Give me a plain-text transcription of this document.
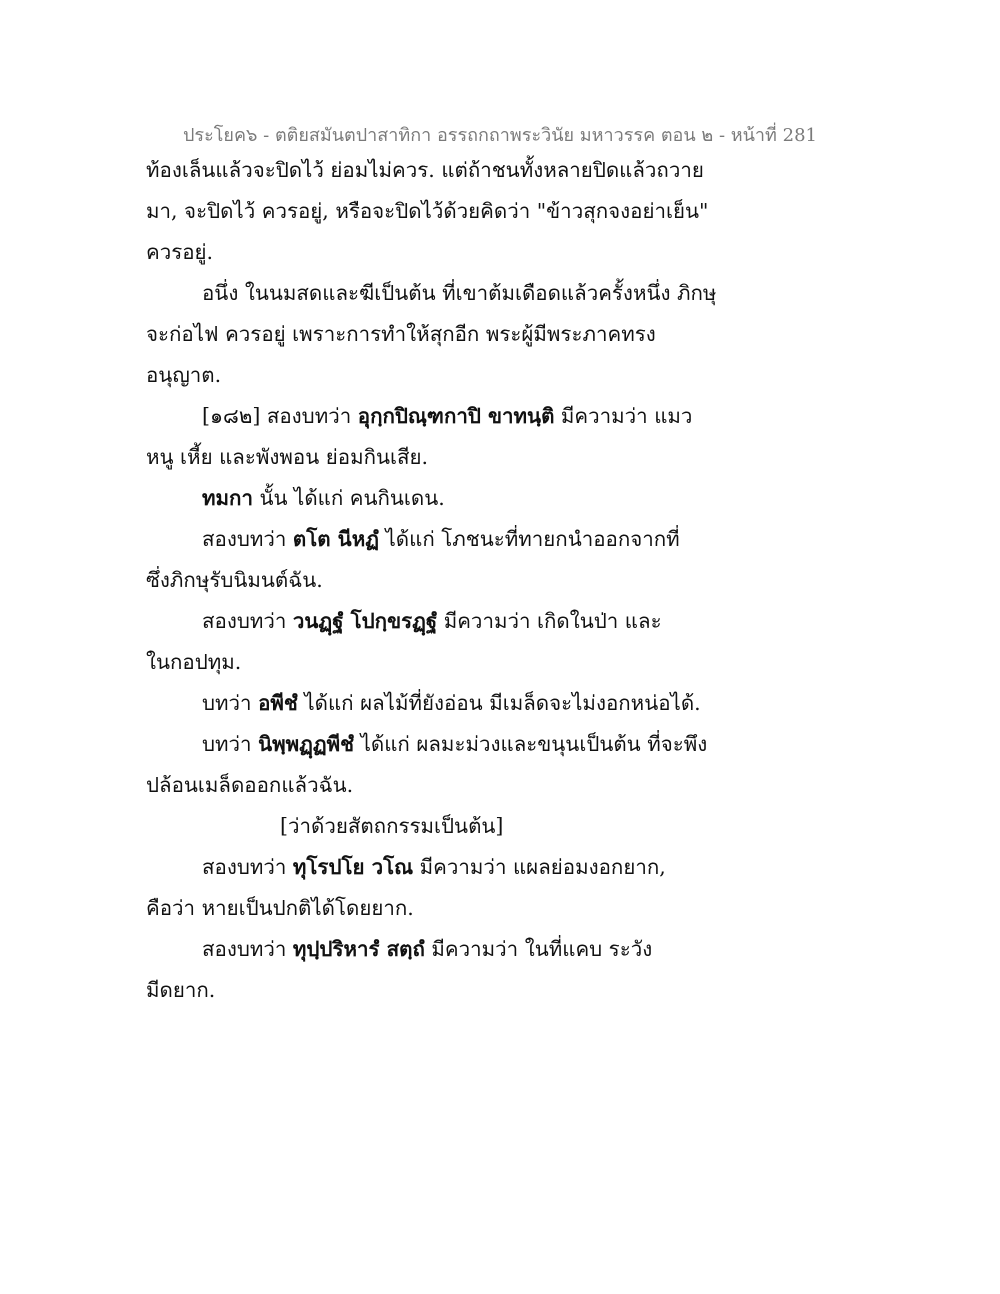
ประโยค๖ - ตติยสมันตปาสาทิกา อรรถกถาพระวินัย มหาวรรค ตอน ๒ - หน้าที่ 281
ท้องเล็นแล้วจะปิดไว้ ย่อมไม่ควร. แต่ถ้าชนทั้งหลายปิดแล้วถวาย
มา, จะปิดไว้ ควรอยู่, หรือจะปิดไว้ด้วยคิดว่า "ข้าวสุกจงอย่าเย็น"
ควรอยู่.
อนึ่ง ในนมสดและฆีเป็นต้น ที่เขาต้มเดือดแล้วครั้งหนึ่ง ภิกษุ
จะก่อไฟ ควรอยู่ เพราะการทำให้สุกอีก พระผู้มีพระภาคทรง
อนุญาต.
[๑๘๒] สองบทว่า อุกฺกปิณฺฑกาปิ ขาทนฺติ มีความว่า แมว
หนู เหี้ย และพังพอน ย่อมกินเสีย.
ทมกา นั้น ได้แก่ คนกินเดน.
สองบทว่า ตโต นีหฏํ ได้แก่ โภชนะที่ทายกนำออกจากที่
ซึ่งภิกษุรับนิมนต์ฉัน.
สองบทว่า วนฏฺฐํ โปกฺขรฏฺฐํ มีความว่า เกิดในป่า และ
ในกอปทุม.
บทว่า อพีชํ ได้แก่ ผลไม้ที่ยังอ่อน มีเมล็ดจะไม่งอกหน่อได้.
บทว่า นิพฺพฏฺฏพีชํ ได้แก่ ผลมะม่วงและขนุนเป็นต้น ที่จะพึง
ปล้อนเมล็ดออกแล้วฉัน.
[ว่าด้วยสัตถกรรมเป็นต้น]
สองบทว่า ทุโรปโย วโณ มีความว่า แผลย่อมงอกยาก,
คือว่า หายเป็นปกติได้โดยยาก.
สองบทว่า ทุปฺปริหารํ สตฺถํ มีความว่า ในที่แคบ ระวัง
มีดยาก.
